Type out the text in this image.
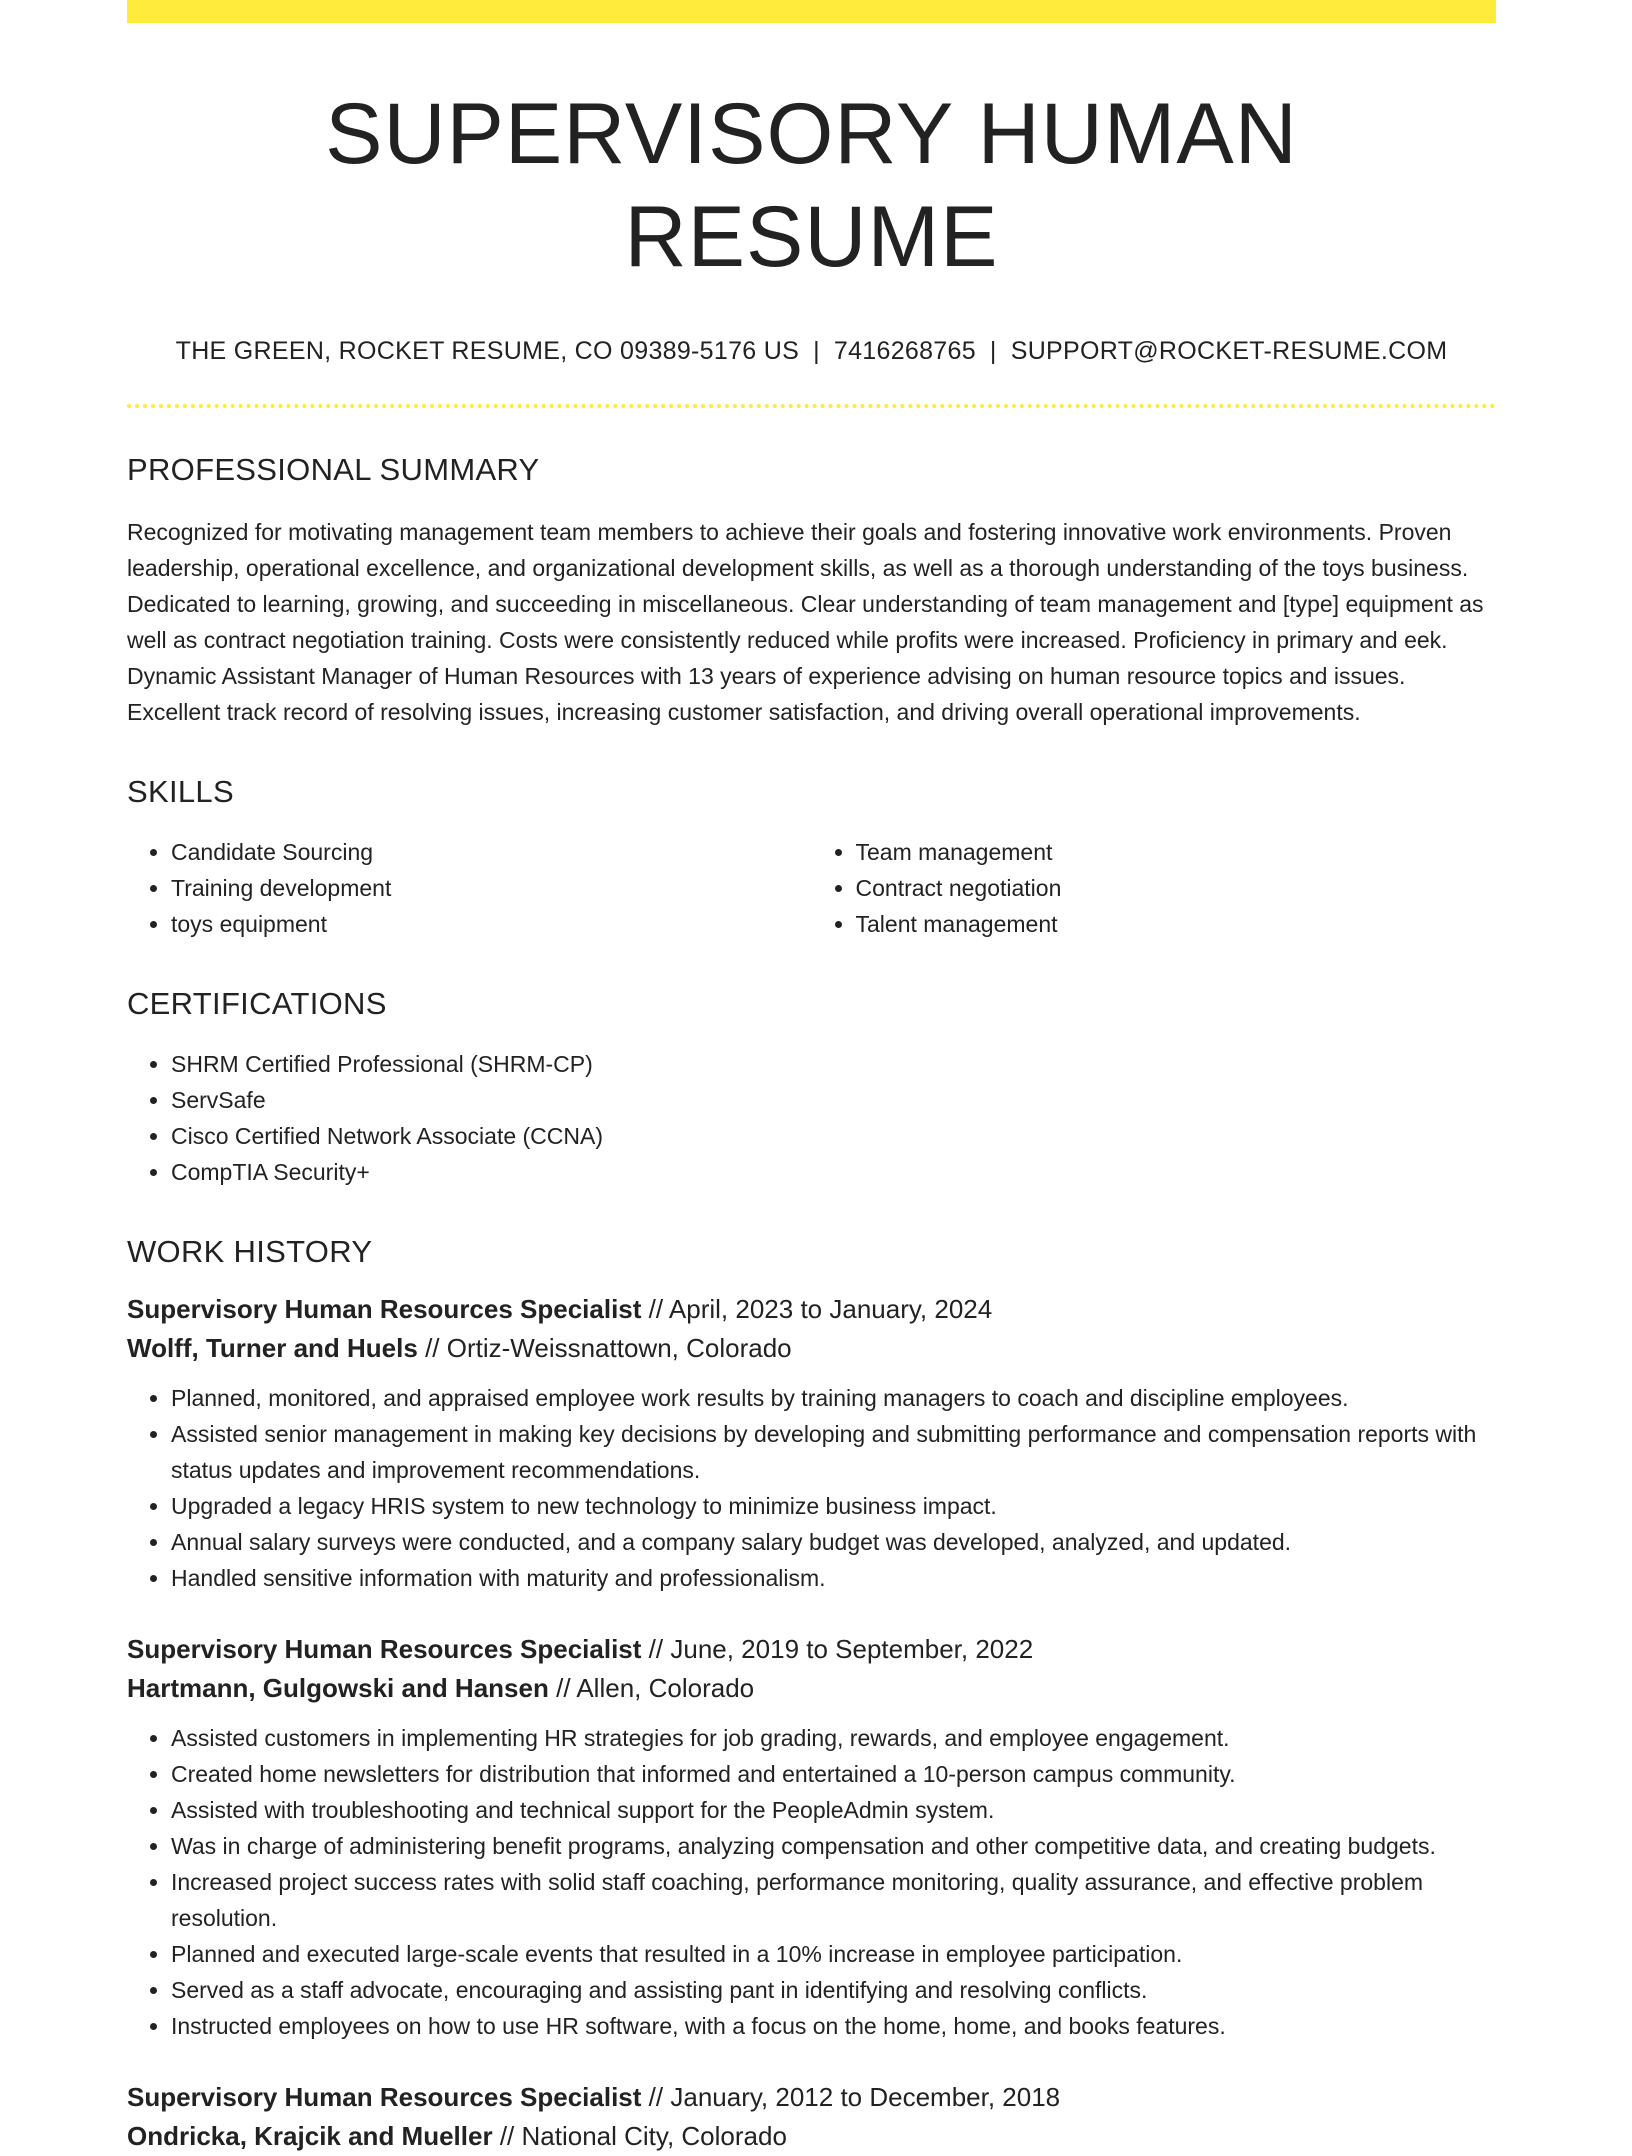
SUPERVISORY HUMAN RESUME
THE GREEN, ROCKET RESUME, CO 09389-5176 US | 7416268765 | SUPPORT@ROCKET-RESUME.COM
PROFESSIONAL SUMMARY

Recognized for motivating management team members to achieve their goals and fostering innovative work environments. Proven leadership, operational excellence, and organizational development skills, as well as a thorough understanding of the toys business. Dedicated to learning, growing, and succeeding in miscellaneous. Clear understanding of team management and [type] equipment as well as contract negotiation training. Costs were consistently reduced while profits were increased. Proficiency in primary and eek. Dynamic Assistant Manager of Human Resources with 13 years of experience advising on human resource topics and issues. Excellent track record of resolving issues, increasing customer satisfaction, and driving overall operational improvements.

SKILLS
• Candidate Sourcing
• Training development
• toys equipment
• Team management
• Contract negotiation
• Talent management
CERTIFICATIONS
• SHRM Certified Professional (SHRM-CP)
• ServSafe
• Cisco Certified Network Associate (CCNA)
• CompTIA Security+
WORK HISTORY
Supervisory Human Resources Specialist // April, 2023 to January, 2024
Wolff, Turner and Huels // Ortiz-Weissnattown, Colorado
• Planned, monitored, and appraised employee work results by training managers to coach and discipline employees.
• Assisted senior management in making key decisions by developing and submitting performance and compensation reports with status updates and improvement recommendations.
• Upgraded a legacy HRIS system to new technology to minimize business impact.
• Annual salary surveys were conducted, and a company salary budget was developed, analyzed, and updated.
• Handled sensitive information with maturity and professionalism.
Supervisory Human Resources Specialist // June, 2019 to September, 2022
Hartmann, Gulgowski and Hansen // Allen, Colorado
• Assisted customers in implementing HR strategies for job grading, rewards, and employee engagement.
• Created home newsletters for distribution that informed and entertained a 10-person campus community.
• Assisted with troubleshooting and technical support for the PeopleAdmin system.
• Was in charge of administering benefit programs, analyzing compensation and other competitive data, and creating budgets.
• Increased project success rates with solid staff coaching, performance monitoring, quality assurance, and effective problem resolution.
• Planned and executed large-scale events that resulted in a 10% increase in employee participation.
• Served as a staff advocate, encouraging and assisting pant in identifying and resolving conflicts.
• Instructed employees on how to use HR software, with a focus on the home, home, and books features.
Supervisory Human Resources Specialist // January, 2012 to December, 2018
Ondricka, Krajcik and Mueller // National City, Colorado
